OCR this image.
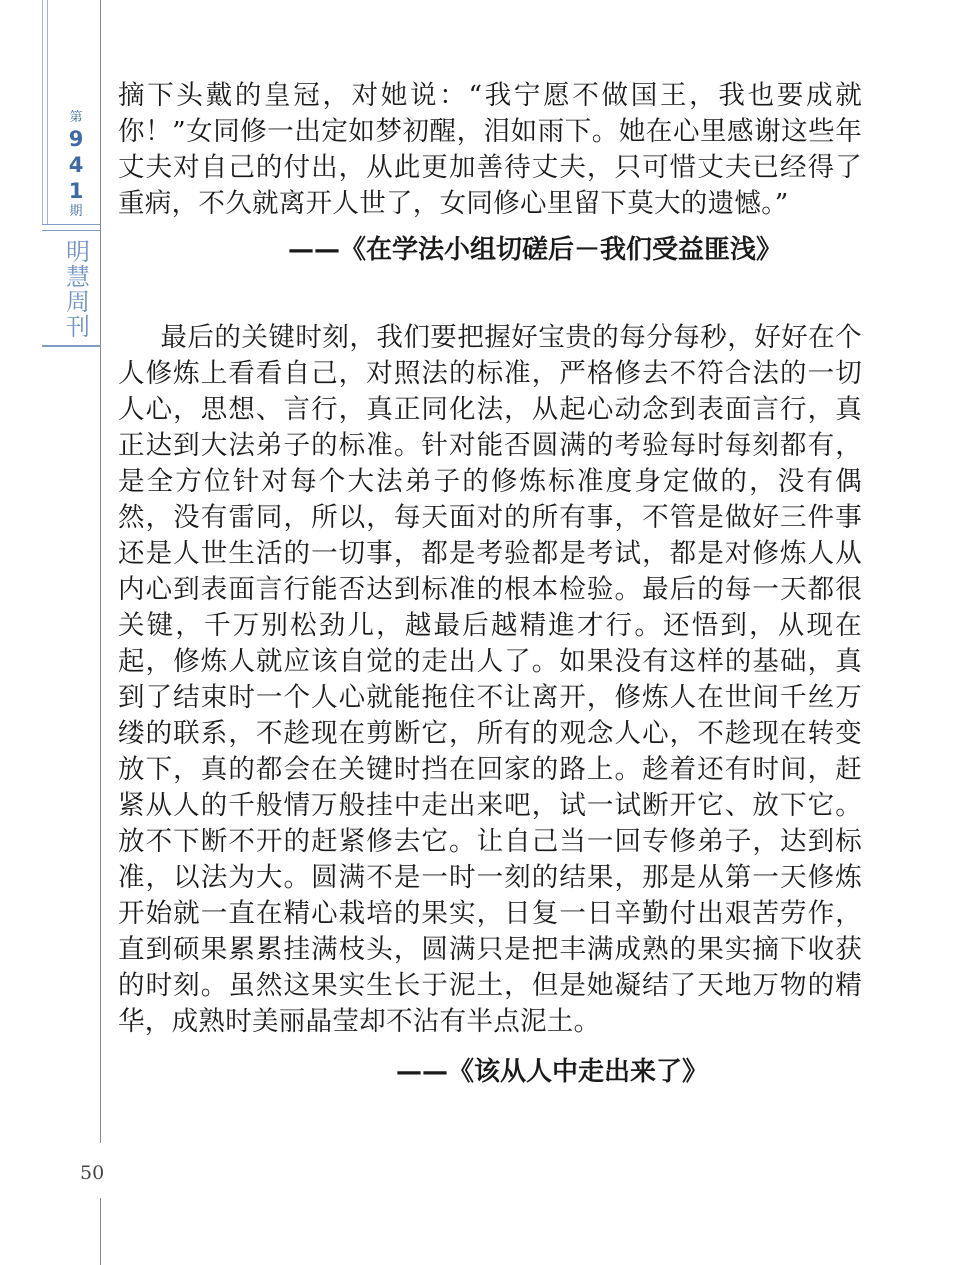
第
9
4
1
期
明
慧
周
刊
50

摘下头戴的皇冠，对她说：“我宁愿不做国王，我也要成就你！”女同修一出定如梦初醒，泪如雨下。她在心里感谢这些年丈夫对自己的付出，从此更加善待丈夫，只可惜丈夫已经得了重病，不久就离开人世了，女同修心里留下莫大的遗憾。”

——《在学法小组切磋后－我们受益匪浅》

最后的关键时刻，我们要把握好宝贵的每分每秒，好好在个人修炼上看看自己，对照法的标准，严格修去不符合法的一切人心，思想、言行，真正同化法，从起心动念到表面言行，真正达到大法弟子的标准。针对能否圆满的考验每时每刻都有，是全方位针对每个大法弟子的修炼标准度身定做的，没有偶然，没有雷同，所以，每天面对的所有事，不管是做好三件事还是人世生活的一切事，都是考验都是考试，都是对修炼人从内心到表面言行能否达到标准的根本检验。最后的每一天都很关键，千万别松劲儿，越最后越精進才行。还悟到，从现在起，修炼人就应该自觉的走出人了。如果没有这样的基础，真到了结束时一个人心就能拖住不让离开，修炼人在世间千丝万缕的联系，不趁现在剪断它，所有的观念人心，不趁现在转变放下，真的都会在关键时挡在回家的路上。趁着还有时间，赶紧从人的千般情万般挂中走出来吧，试一试断开它、放下它。放不下断不开的赶紧修去它。让自己当一回专修弟子，达到标准，以法为大。圆满不是一时一刻的结果，那是从第一天修炼开始就一直在精心栽培的果实，日复一日辛勤付出艰苦劳作，直到硕果累累挂满枝头，圆满只是把丰满成熟的果实摘下收获的时刻。虽然这果实生长于泥土，但是她凝结了天地万物的精华，成熟时美丽晶莹却不沾有半点泥土。

——《该从人中走出来了》
